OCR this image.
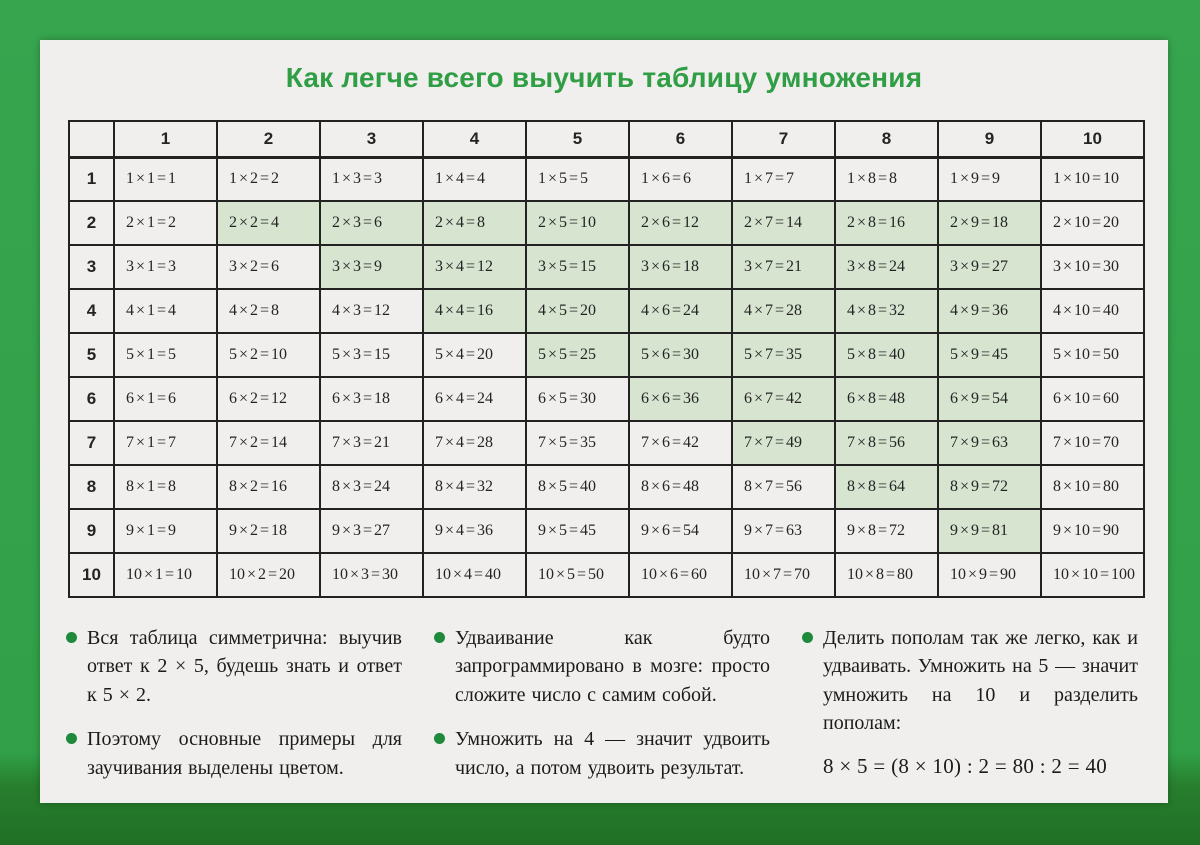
Как легче всего выучить таблицу умножения
	1	2	3	4	5	6	7	8	9	10
1	1 × 1 = 1	1 × 2 = 2	1 × 3 = 3	1 × 4 = 4	1 × 5 = 5	1 × 6 = 6	1 × 7 = 7	1 × 8 = 8	1 × 9 = 9	1 × 10 = 10
2	2 × 1 = 2	2 × 2 = 4	2 × 3 = 6	2 × 4 = 8	2 × 5 = 10	2 × 6 = 12	2 × 7 = 14	2 × 8 = 16	2 × 9 = 18	2 × 10 = 20
3	3 × 1 = 3	3 × 2 = 6	3 × 3 = 9	3 × 4 = 12	3 × 5 = 15	3 × 6 = 18	3 × 7 = 21	3 × 8 = 24	3 × 9 = 27	3 × 10 = 30
4	4 × 1 = 4	4 × 2 = 8	4 × 3 = 12	4 × 4 = 16	4 × 5 = 20	4 × 6 = 24	4 × 7 = 28	4 × 8 = 32	4 × 9 = 36	4 × 10 = 40
5	5 × 1 = 5	5 × 2 = 10	5 × 3 = 15	5 × 4 = 20	5 × 5 = 25	5 × 6 = 30	5 × 7 = 35	5 × 8 = 40	5 × 9 = 45	5 × 10 = 50
6	6 × 1 = 6	6 × 2 = 12	6 × 3 = 18	6 × 4 = 24	6 × 5 = 30	6 × 6 = 36	6 × 7 = 42	6 × 8 = 48	6 × 9 = 54	6 × 10 = 60
7	7 × 1 = 7	7 × 2 = 14	7 × 3 = 21	7 × 4 = 28	7 × 5 = 35	7 × 6 = 42	7 × 7 = 49	7 × 8 = 56	7 × 9 = 63	7 × 10 = 70
8	8 × 1 = 8	8 × 2 = 16	8 × 3 = 24	8 × 4 = 32	8 × 5 = 40	8 × 6 = 48	8 × 7 = 56	8 × 8 = 64	8 × 9 = 72	8 × 10 = 80
9	9 × 1 = 9	9 × 2 = 18	9 × 3 = 27	9 × 4 = 36	9 × 5 = 45	9 × 6 = 54	9 × 7 = 63	9 × 8 = 72	9 × 9 = 81	9 × 10 = 90
10	10 × 1 = 10	10 × 2 = 20	10 × 3 = 30	10 × 4 = 40	10 × 5 = 50	10 × 6 = 60	10 × 7 = 70	10 × 8 = 80	10 × 9 = 90	10 × 10 = 100
Вся таблица симметрична: выучив ответ к 2 × 5, будешь знать и ответ к 5 × 2.
Поэтому основные примеры для заучивания выделены цветом.
Удваивание как будто запрограммировано в мозге: просто сложите число с самим собой.
Умножить на 4 — значит удвоить число, а потом удвоить результат.
Делить пополам так же легко, как и удваивать. Умножить на 5 — значит умножить на 10 и разделить пополам:
8 × 5 = (8 × 10) : 2 = 80 : 2 = 40
